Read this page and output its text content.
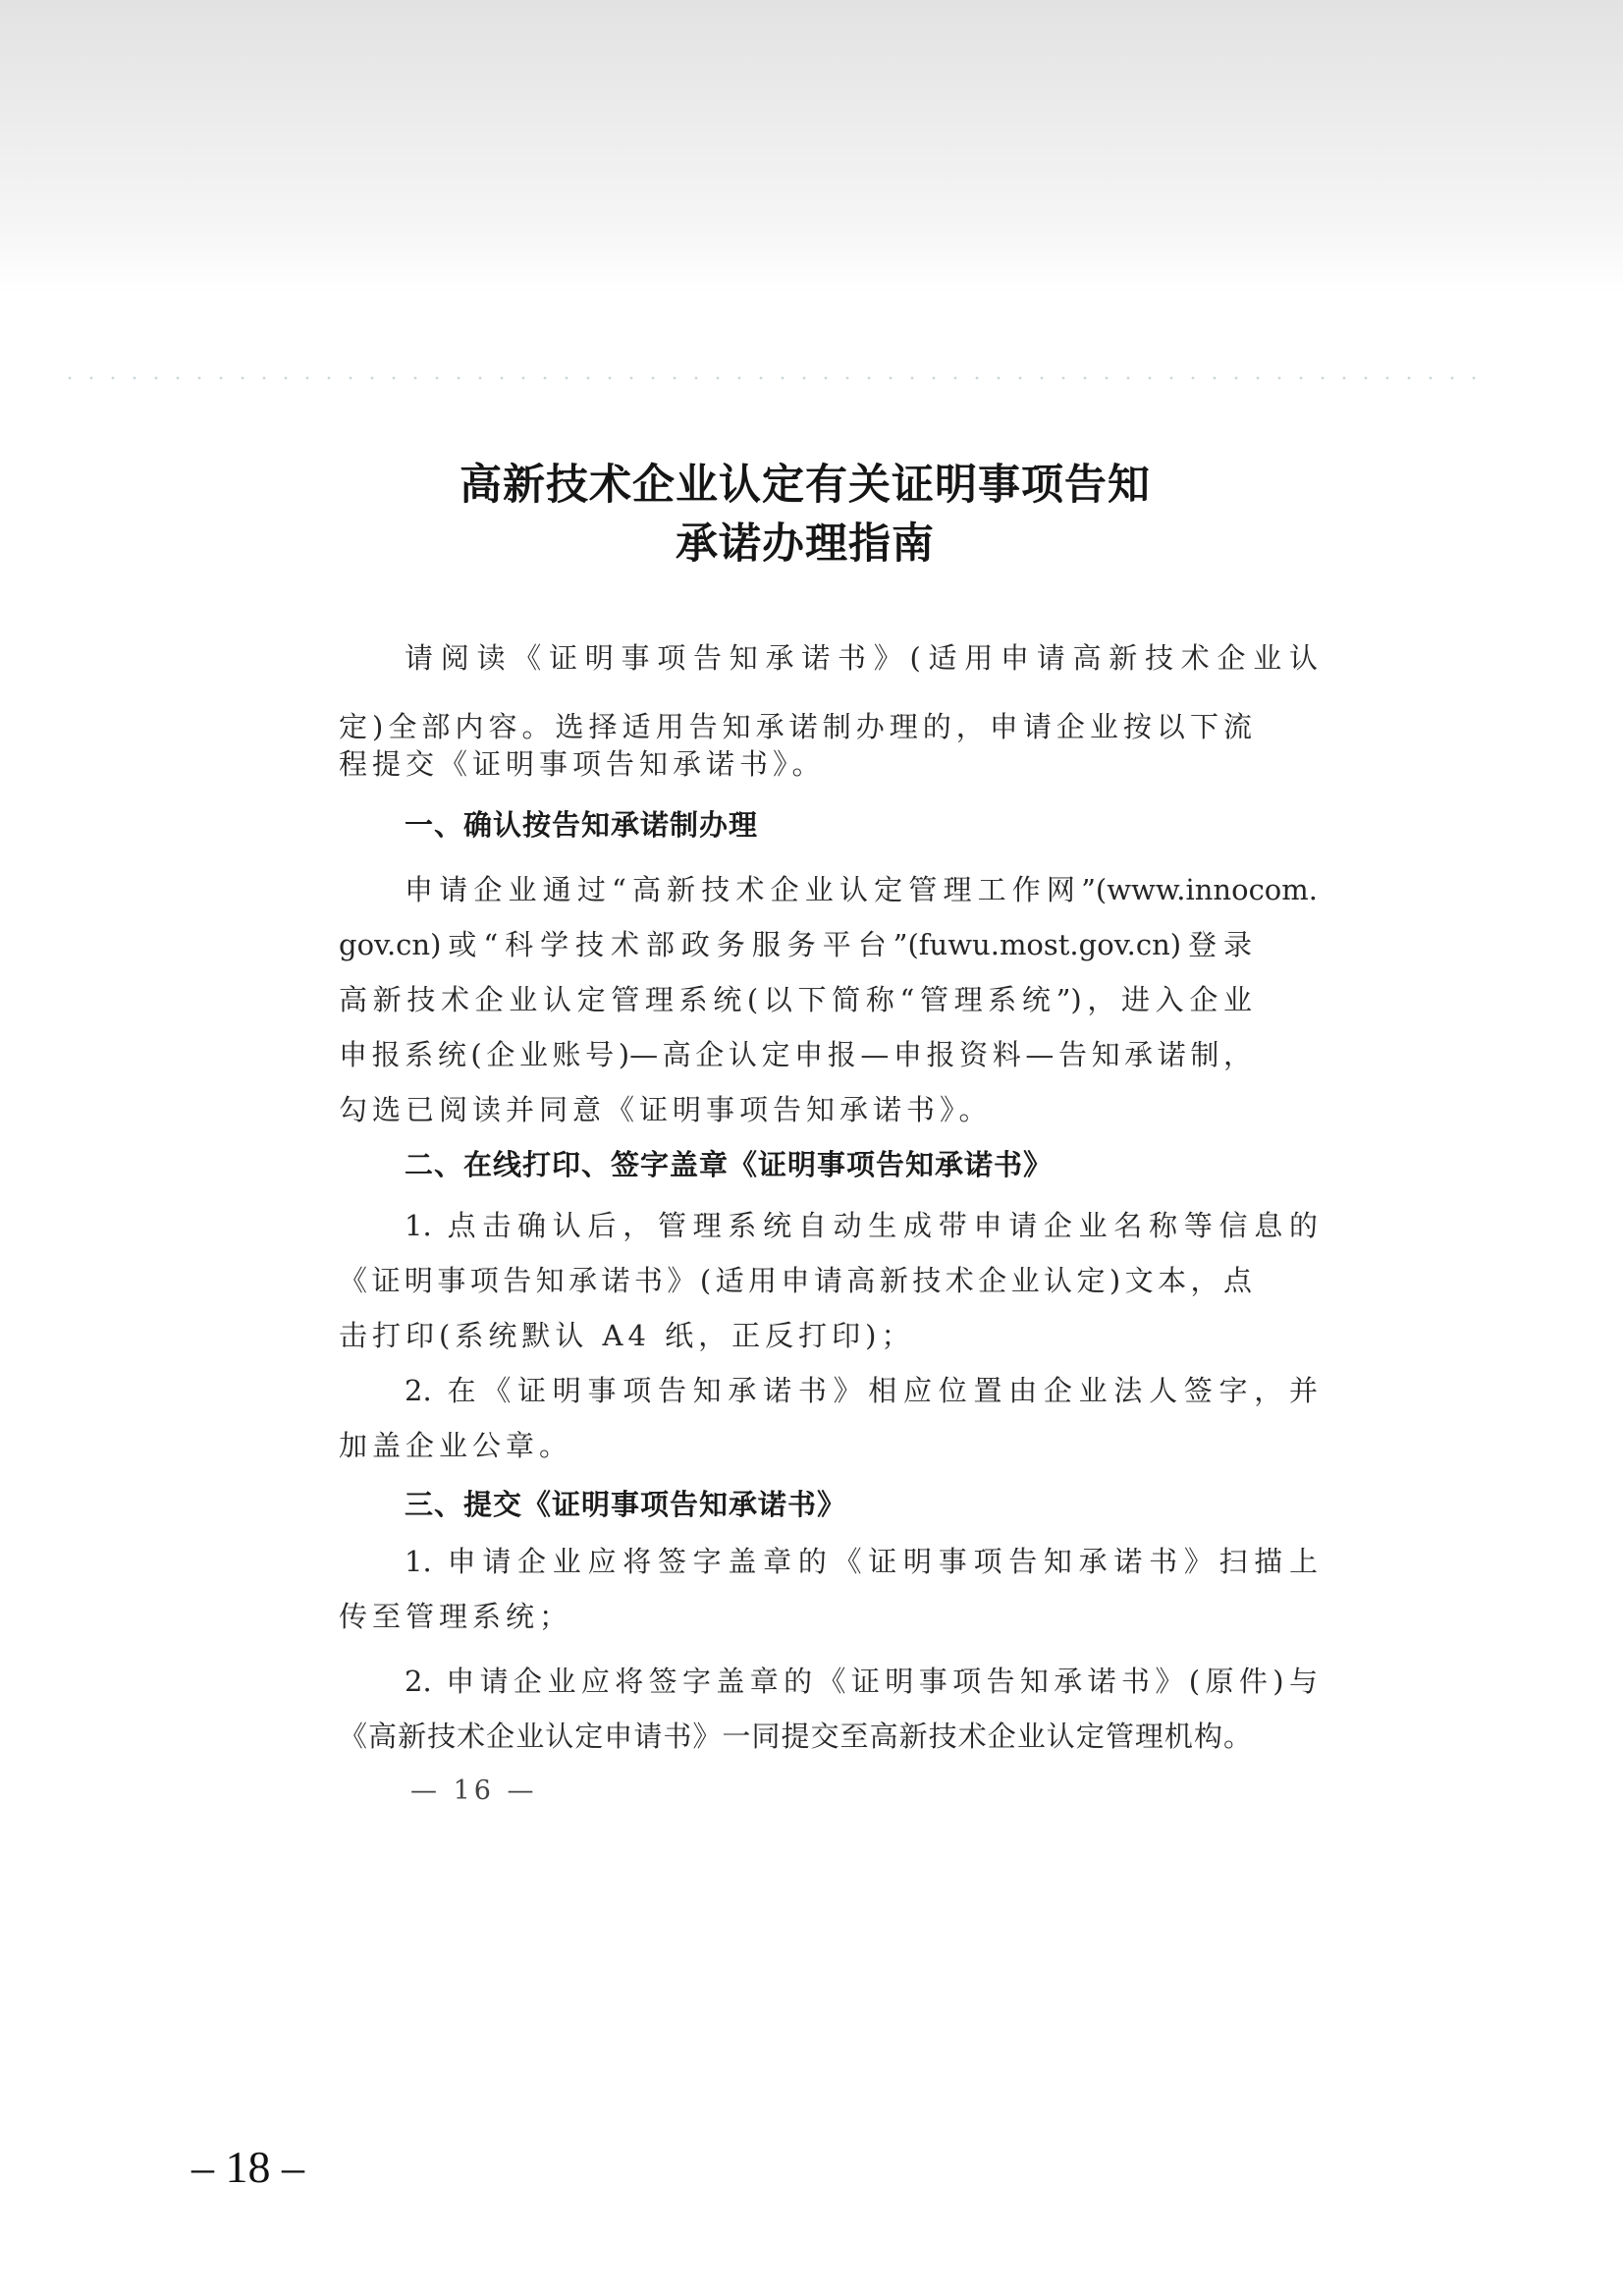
高新技术企业认定有关证明事项告知
承诺办理指南
请阅读《证明事项告知承诺书》(适用申请高新技术企业认
定)全部内容。选择适用告知承诺制办理的，申请企业按以下流
程提交《证明事项告知承诺书》。
一、确认按告知承诺制办理
申请企业通过“高新技术企业认定管理工作网”(www.innocom.
gov.cn)或“科学技术部政务服务平台”(fuwu.most.gov.cn)登录
高新技术企业认定管理系统(以下简称“管理系统”)，进入企业
申报系统(企业账号)—高企认定申报—申报资料—告知承诺制，
勾选已阅读并同意《证明事项告知承诺书》。
二、在线打印、签字盖章《证明事项告知承诺书》
1. 点击确认后，管理系统自动生成带申请企业名称等信息的
《证明事项告知承诺书》(适用申请高新技术企业认定)文本，点
击打印(系统默认 A4 纸，正反打印)；
2. 在《证明事项告知承诺书》相应位置由企业法人签字，并
加盖企业公章。
三、提交《证明事项告知承诺书》
1. 申请企业应将签字盖章的《证明事项告知承诺书》扫描上
传至管理系统；
2. 申请企业应将签字盖章的《证明事项告知承诺书》(原件)与
《高新技术企业认定申请书》一同提交至高新技术企业认定管理机构。
— 16 —
– 18 –
